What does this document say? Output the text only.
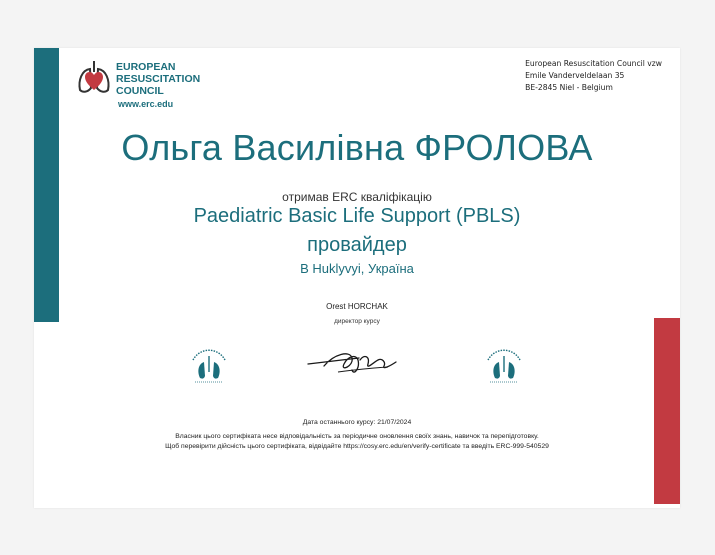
EUROPEAN
RESUSCITATION
COUNCIL
www.erc.edu
European Resuscitation Council vzw
Emile Vanderveldelaan 35
BE-2845 Niel - Belgium
Ольга Василівна ФРОЛОВА
отримав ERC кваліфікацію
Paediatric Basic Life Support (PBLS)
провайдер
В Huklyvyi, Україна
Orest HORCHAK
директор курсу
Дата останнього курсу: 21/07/2024
Власник цього сертифіката несе відповідальність за періодичне оновлення своїх знань, навичок та перепідготовку.
Щоб перевірити дійсність цього сертифіката, відвідайте https://cosy.erc.edu/en/verify-certificate та введіть ERC-999-540529
